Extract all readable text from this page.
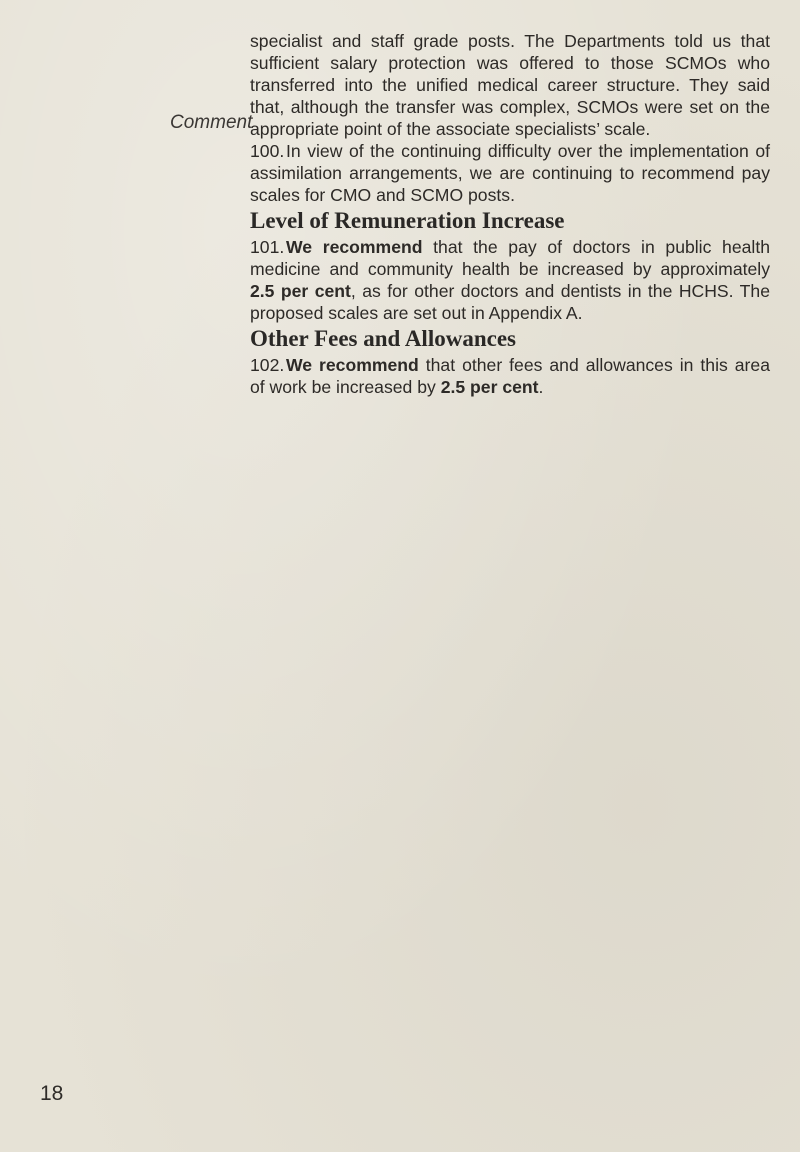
Comment

specialist and staff grade posts. The Departments told us that sufficient salary protection was offered to those SCMOs who transferred into the unified medical career structure. They said that, although the transfer was complex, SCMOs were set on the appropriate point of the associate specialists’ scale.

100.In view of the continuing difficulty over the implementation of assimilation arrangements, we are continuing to recommend pay scales for CMO and SCMO posts.

Level of Remuneration Increase

101.We recommend that the pay of doctors in public health medicine and community health be increased by approximately 2.5 per cent, as for other doctors and dentists in the HCHS. The proposed scales are set out in Appendix A.

Other Fees and Allowances

102.We recommend that other fees and allowances in this area of work be increased by 2.5 per cent.

18
